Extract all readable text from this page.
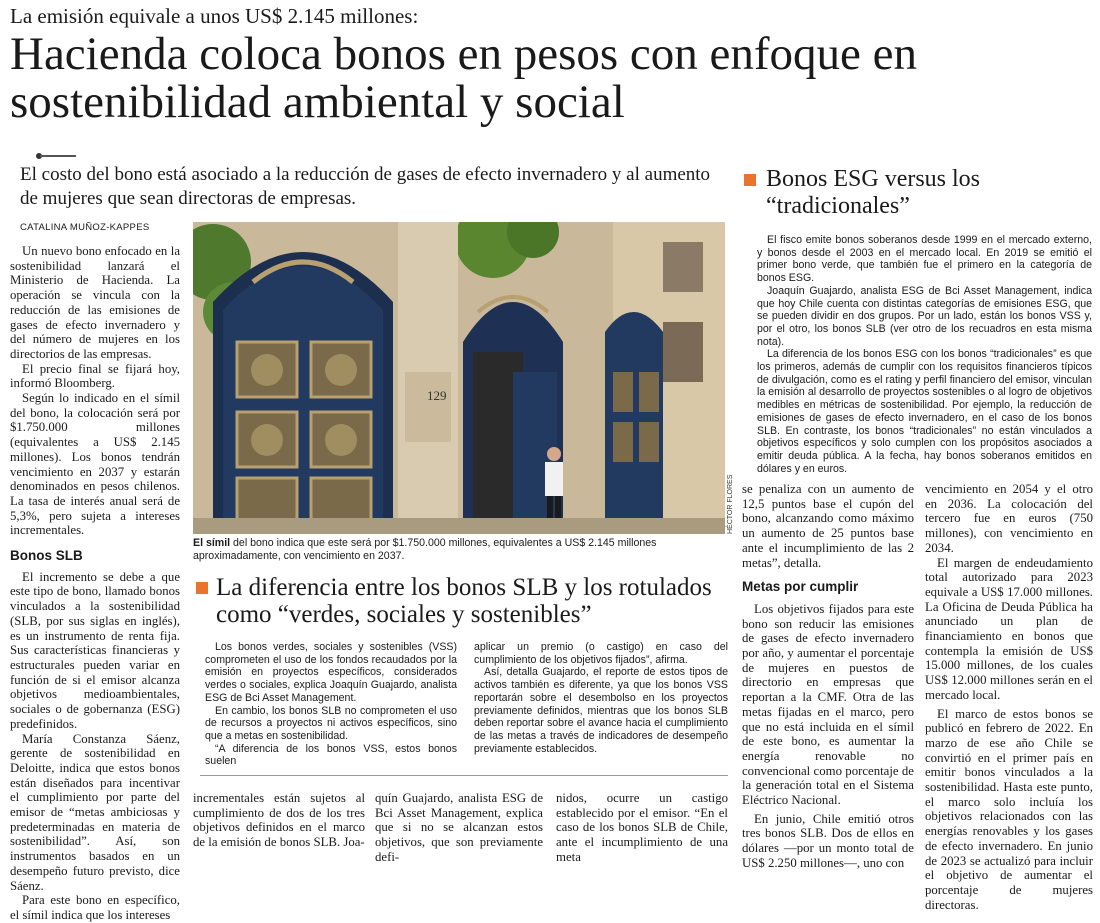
La emisión equivale a unos US$ 2.145 millones:
Hacienda coloca bonos en pesos con enfoque en sostenibilidad ambiental y social
El costo del bono está asociado a la reducción de gases de efecto invernadero y al aumento de mujeres que sean directoras de empresas.
CATALINA MUÑOZ-KAPPES

Un nuevo bono enfocado en la sostenibilidad lanzará el Ministerio de Hacienda. La operación se vincula con la reducción de las emisiones de gases de efecto invernadero y del número de mujeres en los directorios de las empresas.

El precio final se fijará hoy, informó Bloomberg.

Según lo indicado en el símil del bono, la colocación será por $1.750.000 millones (equivalentes a US$ 2.145 millones). Los bonos tendrán vencimiento en 2037 y estarán denominados en pesos chilenos. La tasa de interés anual será de 5,3%, pero sujeta a intereses incrementales.

Bonos SLB

El incremento se debe a que este tipo de bono, llamado bonos vinculados a la sostenibilidad (SLB, por sus siglas en inglés), es un instrumento de renta fija. Sus características financieras y estructurales pueden variar en función de si el emisor alcanza objetivos medioambientales, sociales o de gobernanza (ESG) predefinidos.

María Constanza Sáenz, gerente de sostenibilidad en Deloitte, indica que estos bonos están diseñados para incentivar el cumplimiento por parte del emisor de “metas ambiciosas y predeterminadas en materia de sostenibilidad”. Así, son instrumentos basados en un desempeño futuro previsto, dice Sáenz.

Para este bono en específico, el símil indica que los intereses

129
HÉCTOR FLORES
El símil del bono indica que este será por $1.750.000 millones, equivalentes a US$ 2.145 millones aproximadamente, con vencimiento en 2037.
Bonos ESG versus los “tradicionales”

El fisco emite bonos soberanos desde 1999 en el mercado externo, y bonos desde el 2003 en el mercado local. En 2019 se emitió el primer bono verde, que también fue el primero en la categoría de bonos ESG.

Joaquín Guajardo, analista ESG de Bci Asset Management, indica que hoy Chile cuenta con distintas categorías de emisiones ESG, que se pueden dividir en dos grupos. Por un lado, están los bonos VSS y, por el otro, los bonos SLB (ver otro de los recuadros en esta misma nota).

La diferencia de los bonos ESG con los bonos “tradicionales” es que los primeros, además de cumplir con los requisitos financieros típicos de divulgación, como es el rating y perfil financiero del emisor, vinculan la emisión al desarrollo de proyectos sostenibles o al logro de objetivos medibles en métricas de sostenibilidad. Por ejemplo, la reducción de emisiones de gases de efecto invernadero, en el caso de los bonos SLB. En contraste, los bonos “tradicionales” no están vinculados a objetivos específicos y solo cumplen con los propósitos asociados a emitir deuda pública. A la fecha, hay bonos soberanos emitidos en dólares y en euros.

La diferencia entre los bonos SLB y los rotulados como “verdes, sociales y sostenibles”

Los bonos verdes, sociales y sostenibles (VSS) comprometen el uso de los fondos recaudados por la emisión en proyectos específicos, considerados verdes o sociales, explica Joaquín Guajardo, analista ESG de Bci Asset Management.

En cambio, los bonos SLB no comprometen el uso de recursos a proyectos ni activos específicos, sino que a metas en sostenibilidad.

“A diferencia de los bonos VSS, estos bonos suelen

aplicar un premio (o castigo) en caso del cumplimiento de los objetivos fijados”, afirma.

Así, detalla Guajardo, el reporte de estos tipos de activos también es diferente, ya que los bonos VSS reportarán sobre el desembolso en los proyectos previamente definidos, mientras que los bonos SLB deben reportar sobre el avance hacia el cumplimiento de las metas a través de indicadores de desempeño previamente establecidos.

incrementales están sujetos al cumplimiento de dos de los tres objetivos definidos en el marco de la emisión de bonos SLB. Joa-
quín Guajardo, analista ESG de Bci Asset Management, explica que si no se alcanzan estos objetivos, que son previamente defi-
nidos, ocurre un castigo establecido por el emisor. “En el caso de los bonos SLB de Chile, ante el incumplimiento de una meta

se penaliza con un aumento de 12,5 puntos base el cupón del bono, alcanzando como máximo un aumento de 25 puntos base ante el incumplimiento de las 2 metas”, detalla.

Metas por cumplir

Los objetivos fijados para este bono son reducir las emisiones de gases de efecto invernadero por año, y aumentar el porcentaje de mujeres en puestos de directorio en empresas que reportan a la CMF. Otra de las metas fijadas en el marco, pero que no está incluida en el símil de este bono, es aumentar la energía renovable no convencional como porcentaje de la generación total en el Sistema Eléctrico Nacional.

En junio, Chile emitió otros tres bonos SLB. Dos de ellos en dólares —por un monto total de US$ 2.250 millones—, uno con

vencimiento en 2054 y el otro en 2036. La colocación del tercero fue en euros (750 millones), con vencimiento en 2034.

El margen de endeudamiento total autorizado para 2023 equivale a US$ 17.000 millones. La Oficina de Deuda Pública ha anunciado un plan de financiamiento en bonos que contempla la emisión de US$ 15.000 millones, de los cuales US$ 12.000 millones serán en el mercado local.

El marco de estos bonos se publicó en febrero de 2022. En marzo de ese año Chile se convirtió en el primer país en emitir bonos vinculados a la sostenibilidad. Hasta este punto, el marco solo incluía los objetivos relacionados con las energías renovables y los gases de efecto invernadero. En junio de 2023 se actualizó para incluir el objetivo de aumentar el porcentaje de mujeres directoras.
